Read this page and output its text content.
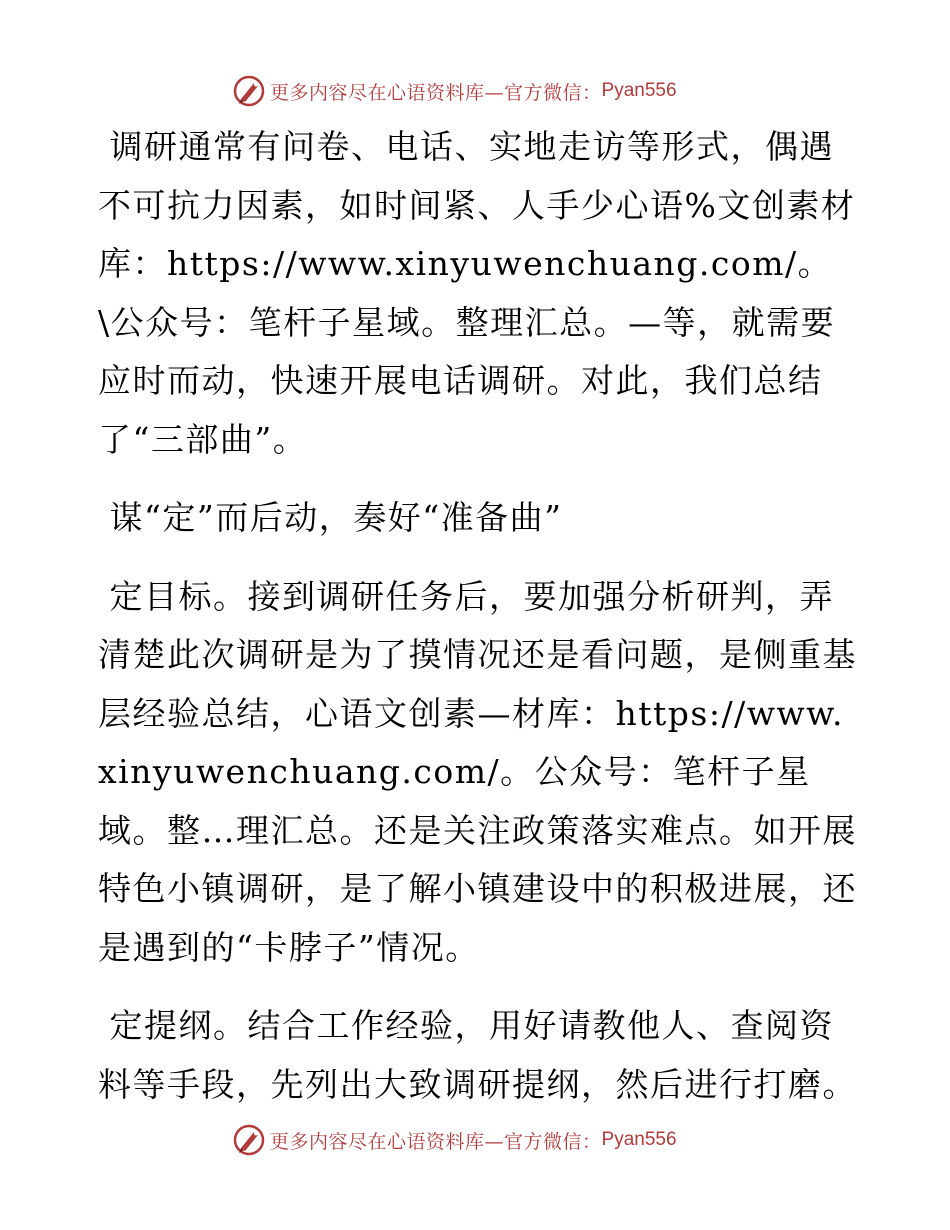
更多内容尽在心语资料库—官方微信： Pyan556

调研通常有问卷、电话、实地走访等形式，偶遇不可抗力因素，如时间紧、人手少心语%文创素材库：https://www.xinyuwenchuang.com/。\公众号：笔杆子星域。整理汇总。—等，就需要应时而动，快速开展电话调研。对此，我们总结了“三部曲”。

谋“定”而后动，奏好“准备曲”

定目标。接到调研任务后，要加强分析研判，弄清楚此次调研是为了摸情况还是看问题，是侧重基层经验总结，心语文创素—材库：https://www.xinyuwenchuang.com/。公众号：笔杆子星域。整…理汇总。还是关注政策落实难点。如开展特色小镇调研，是了解小镇建设中的积极进展，还是遇到的“卡脖子”情况。

定提纲。结合工作经验，用好请教他人、查阅资料等手段，先列出大致调研提纲，然后进行打磨。

更多内容尽在心语资料库—官方微信： Pyan556
